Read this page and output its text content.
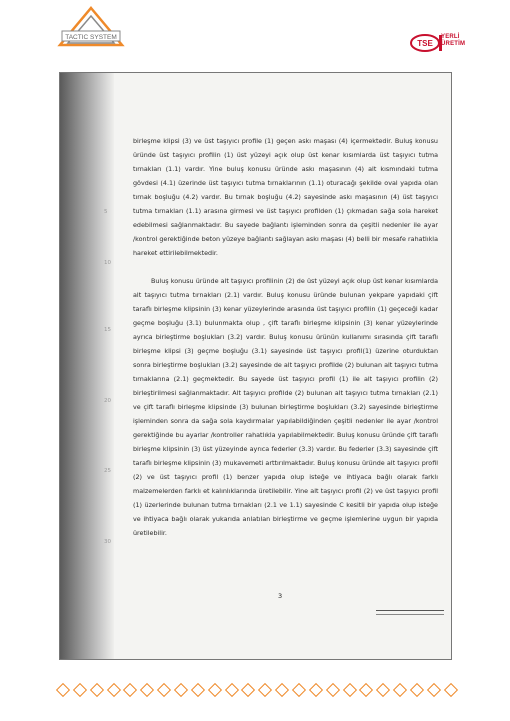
TACTIC SYSTEM
TSE
YERLİ
ÜRETİM
5
10
15
20
25
30

birleşme klipsi (3) ve üst taşıyıcı profile (1) geçen askı maşası (4) içermektedir. Buluş konusu üründe üst taşıyıcı profilin (1) üst yüzeyi açık olup üst kenar kısımlarda üst taşıyıcı tutma tırnakları (1.1) vardır. Yine buluş konusu üründe askı maşasının (4) alt kısmındaki tutma gövdesi (4.1) üzerinde üst taşıyıcı tutma tırnaklarının (1.1) oturacağı şekilde oval yapıda olan tırnak boşluğu (4.2) vardır. Bu tırnak boşluğu (4.2) sayesinde askı maşasının (4) üst taşıyıcı tutma tırnakları (1.1) arasına girmesi ve üst taşıyıcı profilden (1) çıkmadan sağa sola hareket edebilmesi sağlanmaktadır. Bu sayede bağlantı işleminden sonra da çeşitli nedenler ile ayar /kontrol gerektiğinde beton yüzeye bağlantı sağlayan askı maşası (4) belli bir mesafe rahatlıkla hareket ettirilebilmektedir.

Buluş konusu üründe alt taşıyıcı profilinin (2) de üst yüzeyi açık olup üst kenar kısımlarda alt taşıyıcı tutma tırnakları (2.1) vardır. Buluş konusu üründe bulunan yekpare yapıdaki çift taraflı birleşme klipsinin (3) kenar yüzeylerinde arasında üst taşıyıcı profilin (1) geçeceği kadar geçme boşluğu (3.1) bulunmakta olup , çift taraflı birleşme klipsinin (3) kenar yüzeylerinde ayrıca birleştirme boşlukları (3.2) vardır. Buluş konusu ürünün kullanımı sırasında çift taraflı birleşme klipsi (3) geçme boşluğu (3.1) sayesinde üst taşıyıcı profil(1) üzerine oturduktan sonra birleştirme boşlukları (3.2) sayesinde de alt taşıyıcı profilde (2) bulunan alt taşıyıcı tutma tırnaklarına (2.1) geçmektedir. Bu sayede üst taşıyıcı profil (1) ile alt taşıyıcı profilin (2) birleştirilmesi sağlanmaktadır. Alt taşıyıcı profilde (2) bulunan alt taşıyıcı tutma tırnakları (2.1) ve çift taraflı birleşme klipsinde (3) bulunan birleştirme boşlukları (3.2) sayesinde birleştirme işleminden sonra da sağa sola kaydırmalar yapılabildiğinden çeşitli nedenler ile ayar /kontrol gerektiğinde bu ayarlar /kontroller rahatlıkla yapılabilmektedir. Buluş konusu üründe çift taraflı birleşme klipsinin (3) üst yüzeyinde ayrıca federler (3.3) vardır. Bu federler (3.3) sayesinde çift taraflı birleşme klipsinin (3) mukavemeti arttırılmaktadır. Buluş konusu üründe alt taşıyıcı profil (2) ve üst taşıyıcı profil (1) benzer yapıda olup isteğe ve ihtiyaca bağlı olarak farklı malzemelerden farklı et kalınlıklarında üretilebilir. Yine alt taşıyıcı profil (2) ve üst taşıyıcı profil (1) üzerlerinde bulunan tutma tırnakları (2.1 ve 1.1) sayesinde C kesitli bir yapıda olup isteğe ve ihtiyaca bağlı olarak yukarıda anlatılan birleştirme ve geçme işlemlerine uygun bir yapıda üretilebilir.

3
